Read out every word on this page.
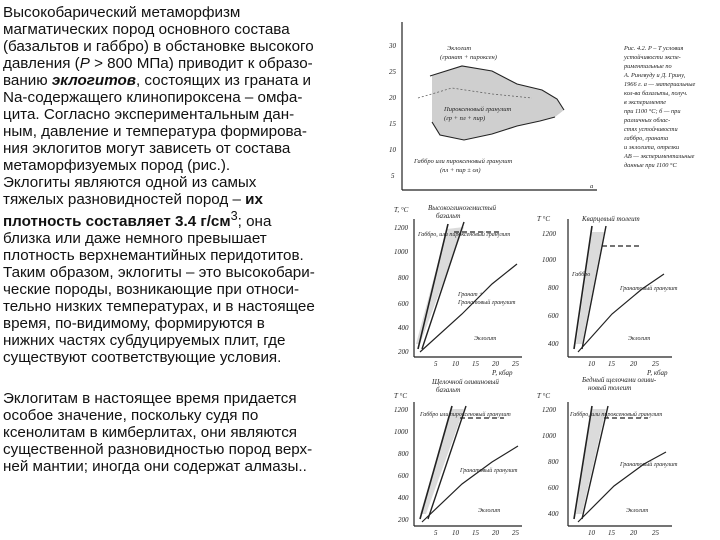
Высокобарический метаморфизм
магматических пород основного состава
(базальтов и габбро) в обстановке высокого
давления (P > 800 МПа) приводит к образо-
ванию эклогитов, состоящих из граната и
Na-содержащего клинопироксена – омфа-
цита. Согласно экспериментальным дан-
ным, давление и температура формирова-
ния эклогитов могут зависеть от состава
метаморфизуемых пород (рис.).

Эклогиты являются одной из самых
тяжелых разновидностей пород – их
плотность составляет 3.4 $г/см^3$; она
близка или даже немного превышает
плотность верхнемантийных перидотитов.
Таким образом, эклогиты – это высокобари-
ческие породы, возникающие при относи-
тельно низких температурах, и в настоящее
время, по-видимому, формируются в
нижних частях субдуцируемых плит, где
существуют соответствующие условия.

Эклогитам в настоящее время придается
особое значение, поскольку судя по
ксенолитам в кимберлитах, они являются
существенной разновидностью пород верх-
ней мантии; иногда они содержат алмазы..

30
25
20
15
10
5
Эклогит
(гранат + пироксен)
Пироксеновый гранулит
(гр + пл + пир)
Габбро или пироксеновый гранулит
(пл + пир ± ол)
а
Рис. 4.2. P – T условия
устойчивости экспе-
риментальные по
А. Рингвуду и Д. Грину,
1966 г. а — материальные
кол-ва базальты, получ.
в эксперименте
при 1100 °С; б — при
различных облас-
стях устойчивости
габбро, граната
и эклогита, отрезки
АВ — экспериментальные
данные при 1100 °С
Высокоглиноземистый базальт
T, °C
1200
1000
800
600
400
200
5 10 15 20 25
P, кбар
Габбро, или пироксеновый гранулит
Гранатовый гранулит
Гранат +
Эклогит
T °C	Кварцевый толеит
1200
1000
800
600
400
10 15 20 25
P, кбар
Гранатовый гранулит
Габбро
Эклогит
Щелочной оливиновый базальт
T °C
1200
1000
800
600
400
200
5 10 15 20 25
Габбро или пироксеновый гранулит
Гранатовый гранулит
Эклогит
T °C
Бедный щелочами оливи-новый толеит
1200
1000
800
600
400
10 15 20 25
Габбро, или пироксеновый гранулит
Гранатовый гранулит
Эклогит
